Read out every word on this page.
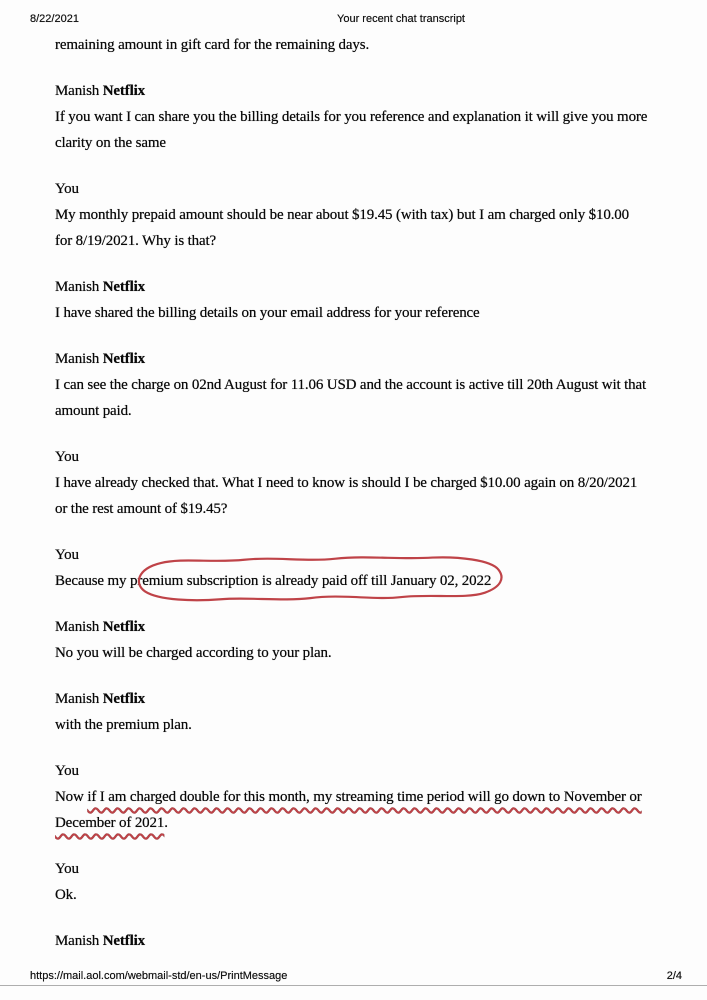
8/22/2021	Your recent chat transcript

remaining amount in gift card for the remaining days.

Manish Netflix

If you want I can share you the billing details for you reference and explanation it will give you more clarity on the same

You

My monthly prepaid amount should be near about $19.45 (with tax) but I am charged only $10.00 for 8/19/2021. Why is that?

Manish Netflix

I have shared the billing details on your email address for your reference

Manish Netflix

I can see the charge on 02nd August for 11.06 USD and the account is active till 20th August wit that amount paid.

You

I have already checked that. What I need to know is should I be charged $10.00 again on 8/20/2021 or the rest amount of $19.45?

You

Because my premium subscription is already paid off till January 02, 2022

Manish Netflix

No you will be charged according to your plan.

Manish Netflix

with the premium plan.

You

Now if I am charged double for this month, my streaming time period will go down to November or December of 2021.

You

Ok.

Manish Netflix

https://mail.aol.com/webmail-std/en-us/PrintMessage	2/4
